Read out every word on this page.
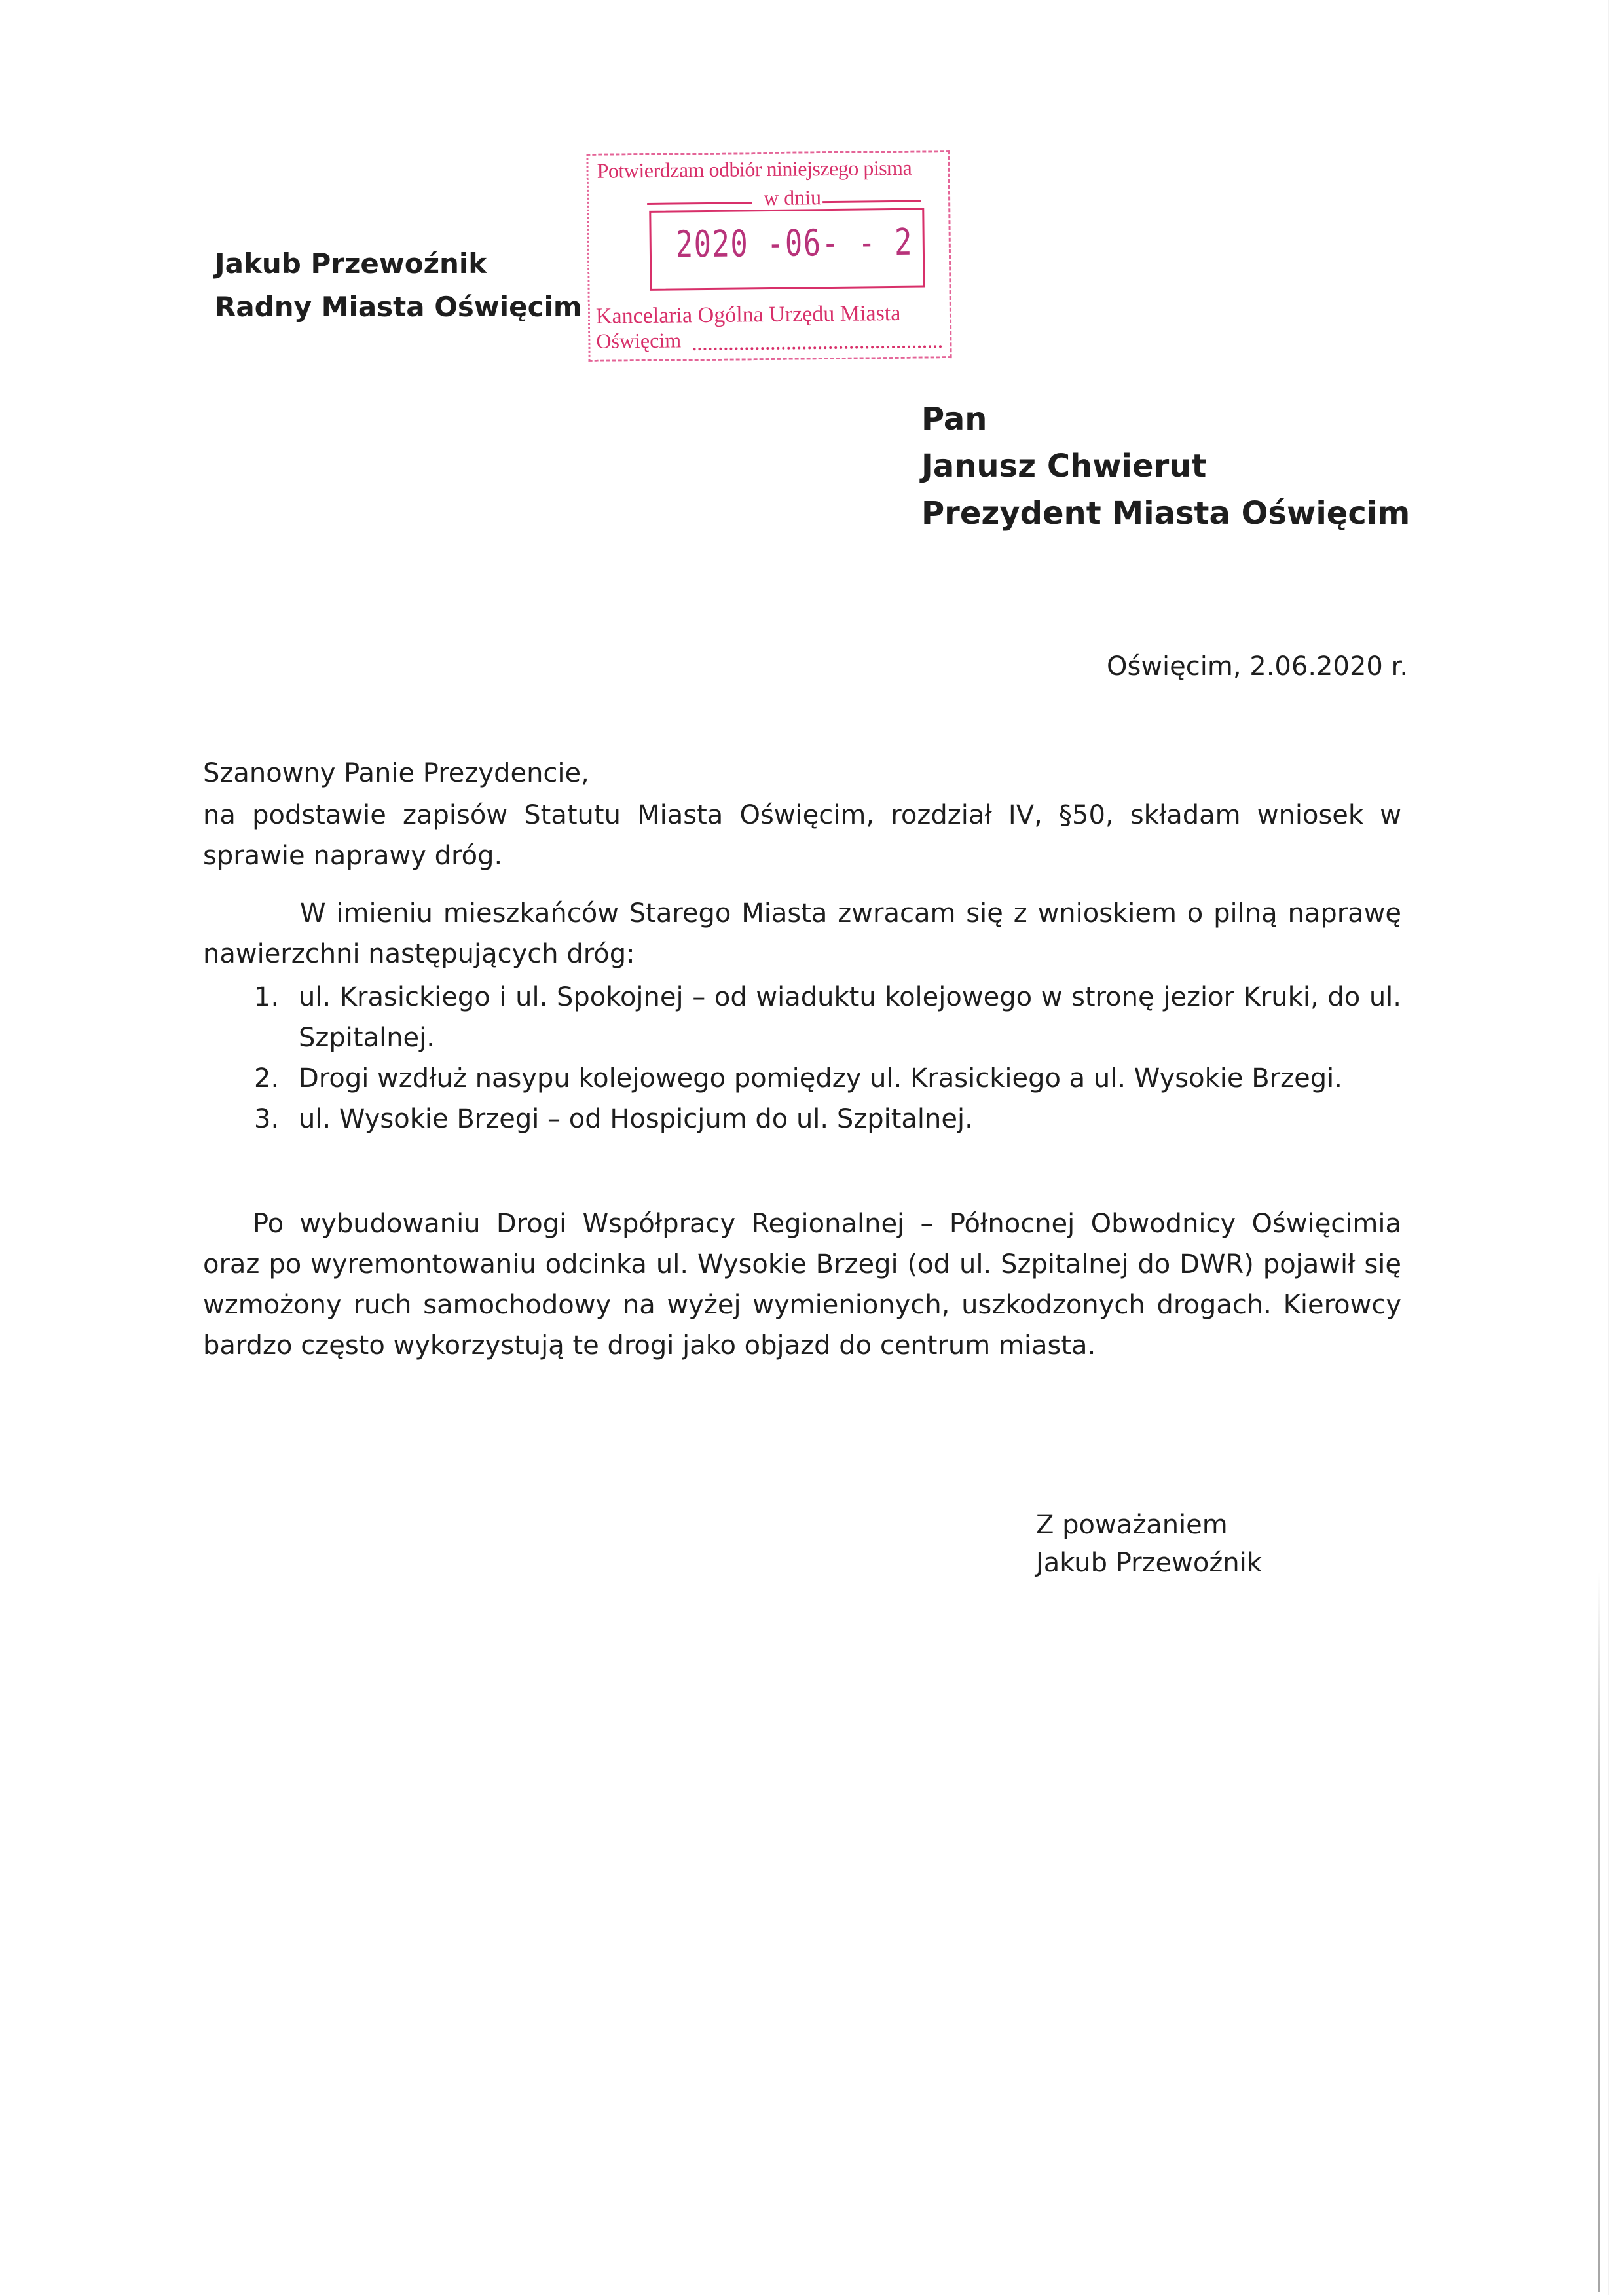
Jakub Przewoźnik
Radny Miasta Oświęcim
Potwierdzam odbiór niniejszego pisma
w dniu
2020 -06- - 2
Kancelaria Ogólna Urzędu Miasta
Oświęcim
Pan
Janusz Chwierut
Prezydent Miasta Oświęcim
Oświęcim, 2.06.2020 r.
Szanowny Panie Prezydencie,
na podstawie zapisów Statutu Miasta Oświęcim, rozdział IV, §50, składam wniosek w sprawie naprawy dróg.
W imieniu mieszkańców Starego Miasta zwracam się z wnioskiem o pilną naprawę nawierzchni następujących dróg:
1. ul. Krasickiego i ul. Spokojnej – od wiaduktu kolejowego w stronę jezior Kruki, do ul. Szpitalnej.
2. Drogi wzdłuż nasypu kolejowego pomiędzy ul. Krasickiego a ul. Wysokie Brzegi.
3. ul. Wysokie Brzegi – od Hospicjum do ul. Szpitalnej.
Po wybudowaniu Drogi Współpracy Regionalnej – Północnej Obwodnicy Oświęcimia oraz po wyremontowaniu odcinka ul. Wysokie Brzegi (od ul. Szpitalnej do DWR) pojawił się wzmożony ruch samochodowy na wyżej wymienionych, uszkodzonych drogach. Kierowcy bardzo często wykorzystują te drogi jako objazd do centrum miasta.
Z poważaniem
Jakub Przewoźnik
